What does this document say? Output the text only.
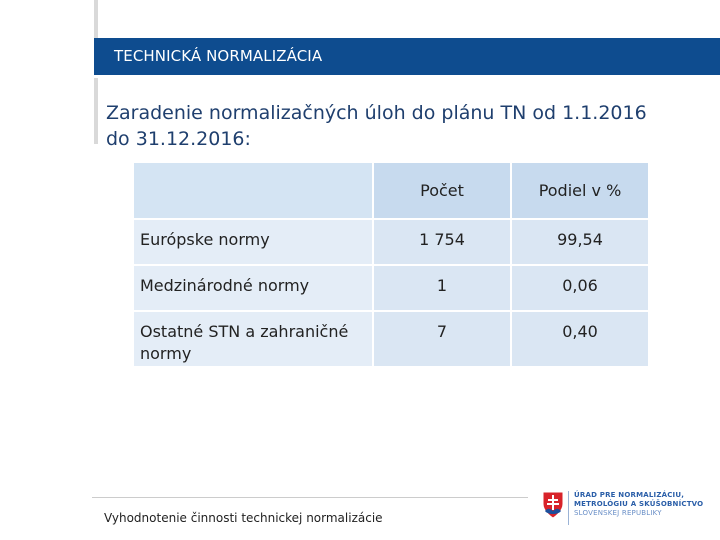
TECHNICKÁ NORMALIZÁCIA
Zaradenie normalizačných úloh do plánu TN od 1.1.2016
do 31.12.2016:
	Počet	Podiel v %

Európske normy	1 754	99,54

Medzinárodné normy	1	0,06

Ostatné STN a zahraničné normy	7	0,40
Vyhodnotenie činnosti technickej normalizácie
ÚRAD PRE NORMALIZÁCIU,
METROLÓGIU A SKÚŠOBNÍCTVO
SLOVENSKEJ REPUBLIKY
